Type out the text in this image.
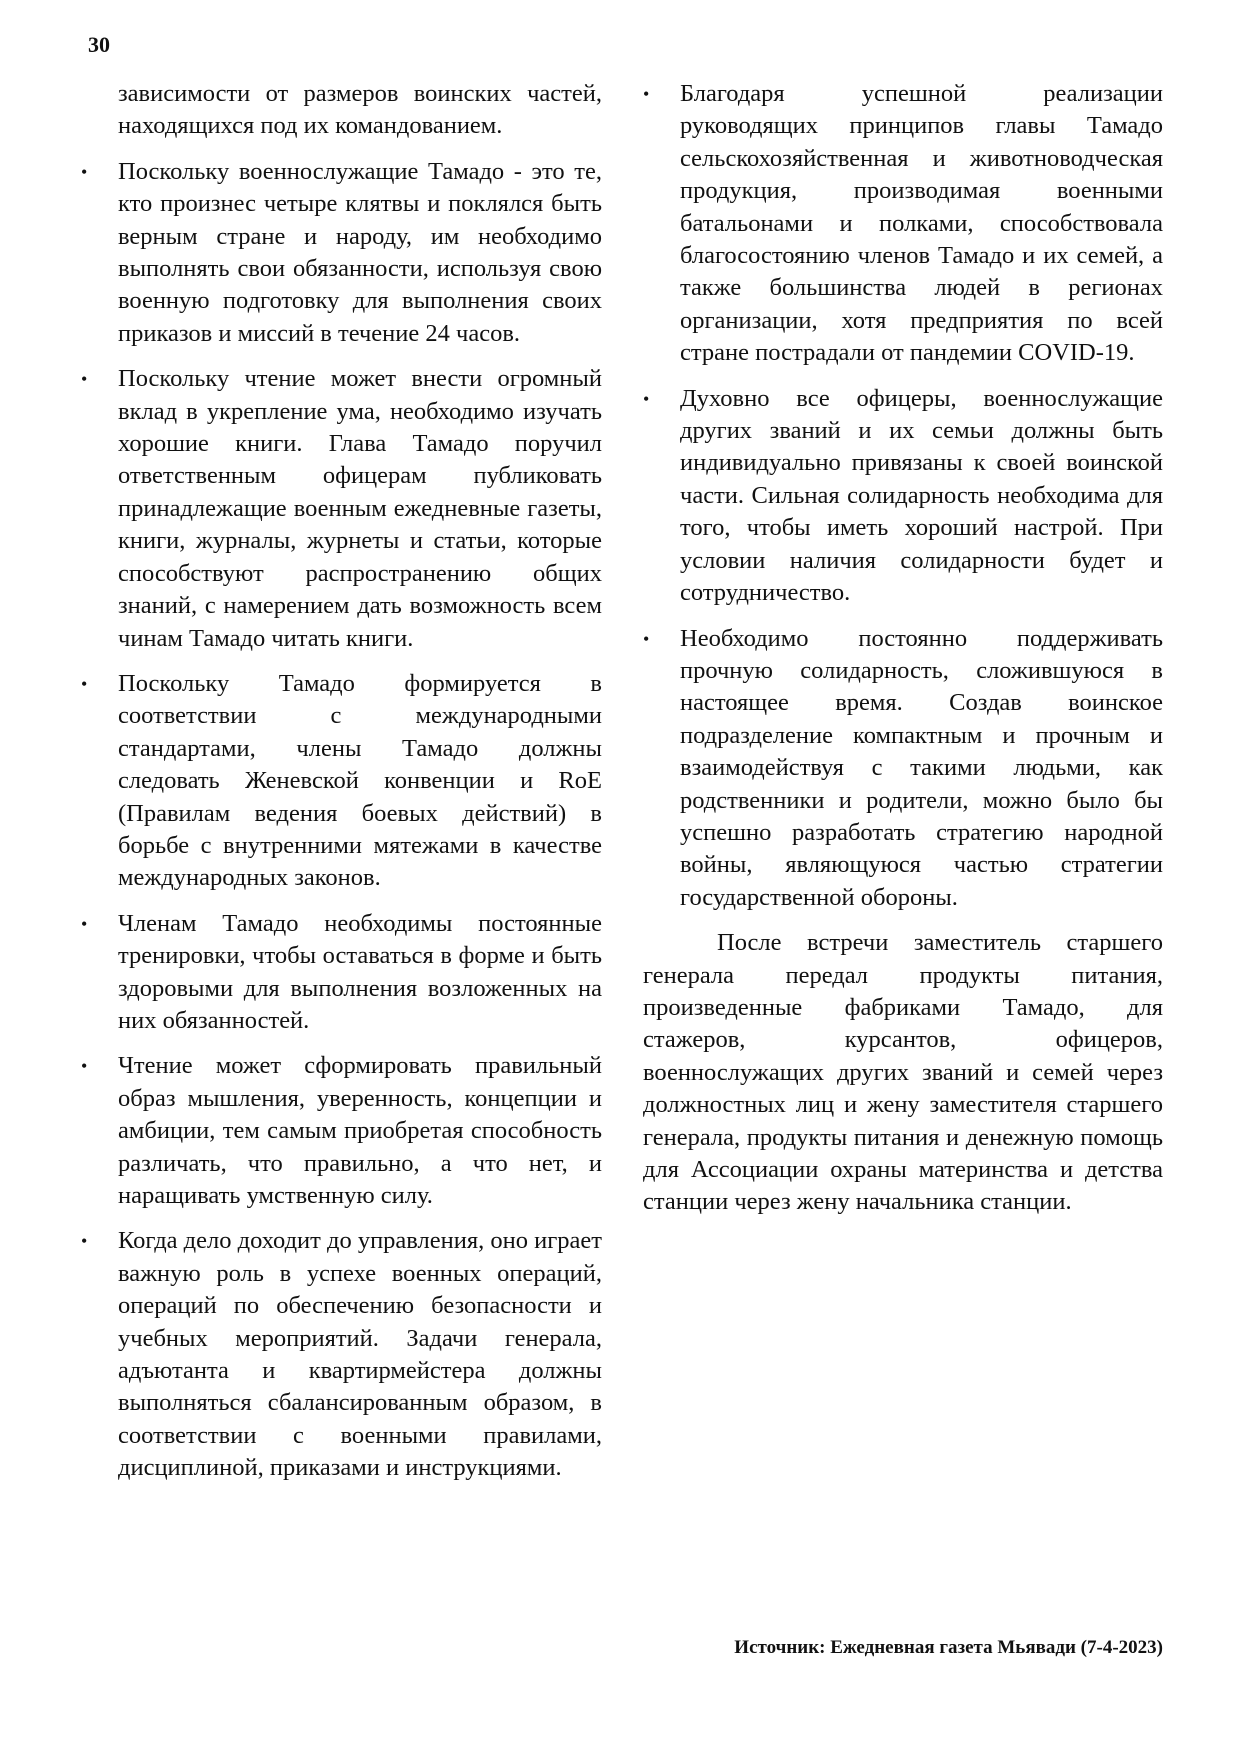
30

зависимости от размеров воинских частей, находящихся под их командованием.

• Поскольку военнослужащие Тамадо - это те, кто произнес четыре клятвы и поклялся быть верным стране и народу, им необходимо выполнять свои обязанности, используя свою военную подготовку для выполнения своих приказов и миссий в течение 24 часов.
• Поскольку чтение может внести огромный вклад в укрепление ума, необходимо изучать хорошие книги. Глава Тамадо поручил ответственным офицерам публиковать принадлежащие военным ежедневные газеты, книги, журналы, журнеты и статьи, которые способствуют распространению общих знаний, с намерением дать возможность всем чинам Тамадо читать книги.
• Поскольку Тамадо формируется в соответствии с международными стандартами, члены Тамадо должны следовать Женевской конвенции и RoE (Правилам ведения боевых действий) в борьбе с внутренними мятежами в качестве международных законов.
• Членам Тамадо необходимы постоянные тренировки, чтобы оставаться в форме и быть здоровыми для выполнения возложенных на них обязанностей.
• Чтение может сформировать правильный образ мышления, уверенность, концепции и амбиции, тем самым приобретая способность различать, что правильно, а что нет, и наращивать умственную силу.
• Когда дело доходит до управления, оно играет важную роль в успехе военных операций, операций по обеспечению безопасности и учебных мероприятий. Задачи генерала, адъютанта и квартирмейстера должны выполняться сбалансированным образом, в соответствии с военными правилами, дисциплиной, приказами и инструкциями.
• Благодаря успешной реализации руководящих принципов главы Тамадо сельскохозяйственная и животноводческая продукция, производимая военными батальонами и полками, способствовала благосостоянию членов Тамадо и их семей, а также большинства людей в регионах организации, хотя предприятия по всей стране пострадали от пандемии COVID-19.
• Духовно все офицеры, военнослужащие других званий и их семьи должны быть индивидуально привязаны к своей воинской части. Сильная солидарность необходима для того, чтобы иметь хороший настрой. При условии наличия солидарности будет и сотрудничество.
• Необходимо постоянно поддерживать прочную солидарность, сложившуюся в настоящее время. Создав воинское подразделение компактным и прочным и взаимодействуя с такими людьми, как родственники и родители, можно было бы успешно разработать стратегию народной войны, являющуюся частью стратегии государственной обороны.

После встречи заместитель старшего генерала передал продукты питания, произведенные фабриками Тамадо, для стажеров, курсантов, офицеров, военнослужащих других званий и семей через должностных лиц и жену заместителя старшего генерала, продукты питания и денежную помощь для Ассоциации охраны материнства и детства станции через жену начальника станции.

Источник: Ежедневная газета Мьявади (7-4-2023)
